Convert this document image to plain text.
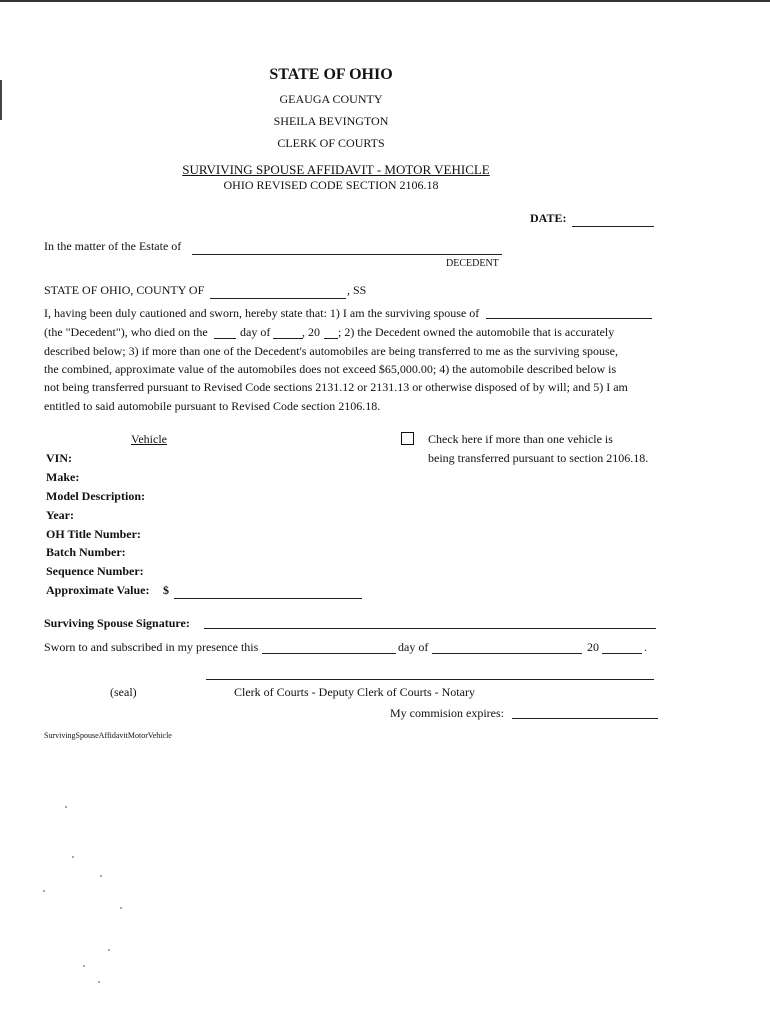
STATE OF OHIO
GEAUGA COUNTY
SHEILA BEVINGTON
CLERK OF COURTS
SURVIVING SPOUSE AFFIDAVIT - MOTOR VEHICLE
OHIO REVISED CODE SECTION 2106.18
DATE:
In the matter of the Estate of
DECEDENT
STATE OF OHIO, COUNTY OF	, SS
I, having been duly cautioned and sworn, hereby state that: 1) I am the surviving spouse of
(the "Decedent"), who died on the	day of	, 20 ; 2) the Decedent owned the automobile that is accurately
described below; 3) if more than one of the Decedent's automobiles are being transferred to me as the surviving spouse,
the combined, approximate value of the automobiles does not exceed $65,000.00; 4) the automobile described below is
not being transferred pursuant to Revised Code sections 2131.12 or 2131.13 or otherwise disposed of by will; and 5) I am
entitled to said automobile pursuant to Revised Code section 2106.18.
Vehicle	Check here if more than one vehicle is
being transferred pursuant to section 2106.18.
VIN:
Make:
Model Description:
Year:
OH Title Number:
Batch Number:
Sequence Number:
Approximate Value: $
Surviving Spouse Signature:
Sworn to and subscribed in my presence this	day of	20	.
(seal)	Clerk of Courts - Deputy Clerk of Courts - Notary
My commision expires:
SurvivingSpouseAffidavitMotorVehicle
